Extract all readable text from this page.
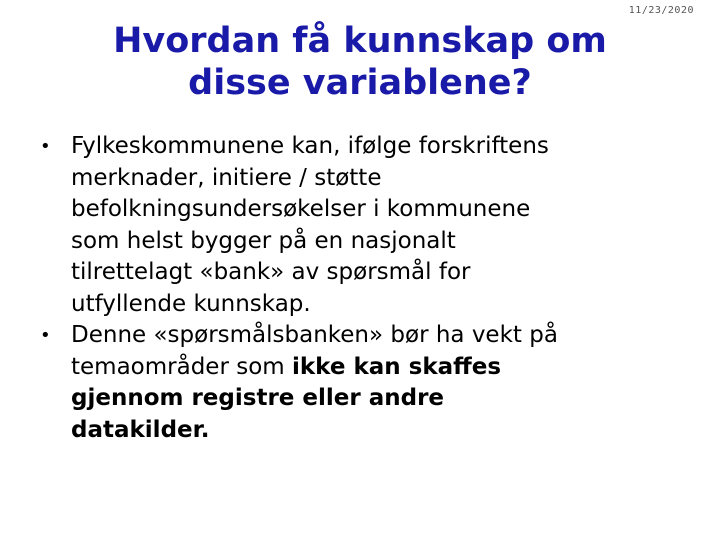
11/23/2020
Hvordan få kunnskap om
disse variablene?
• Fylkeskommunene kan, ifølge forskriftens
merknader, initiere / støtte
befolkningsundersøkelser i kommunene
som helst bygger på en nasjonalt
tilrettelagt «bank» av spørsmål for
utfyllende kunnskap.
• Denne «spørsmålsbanken» bør ha vekt på
temaområder som ikke kan skaffes
gjennom registre eller andre
datakilder.
